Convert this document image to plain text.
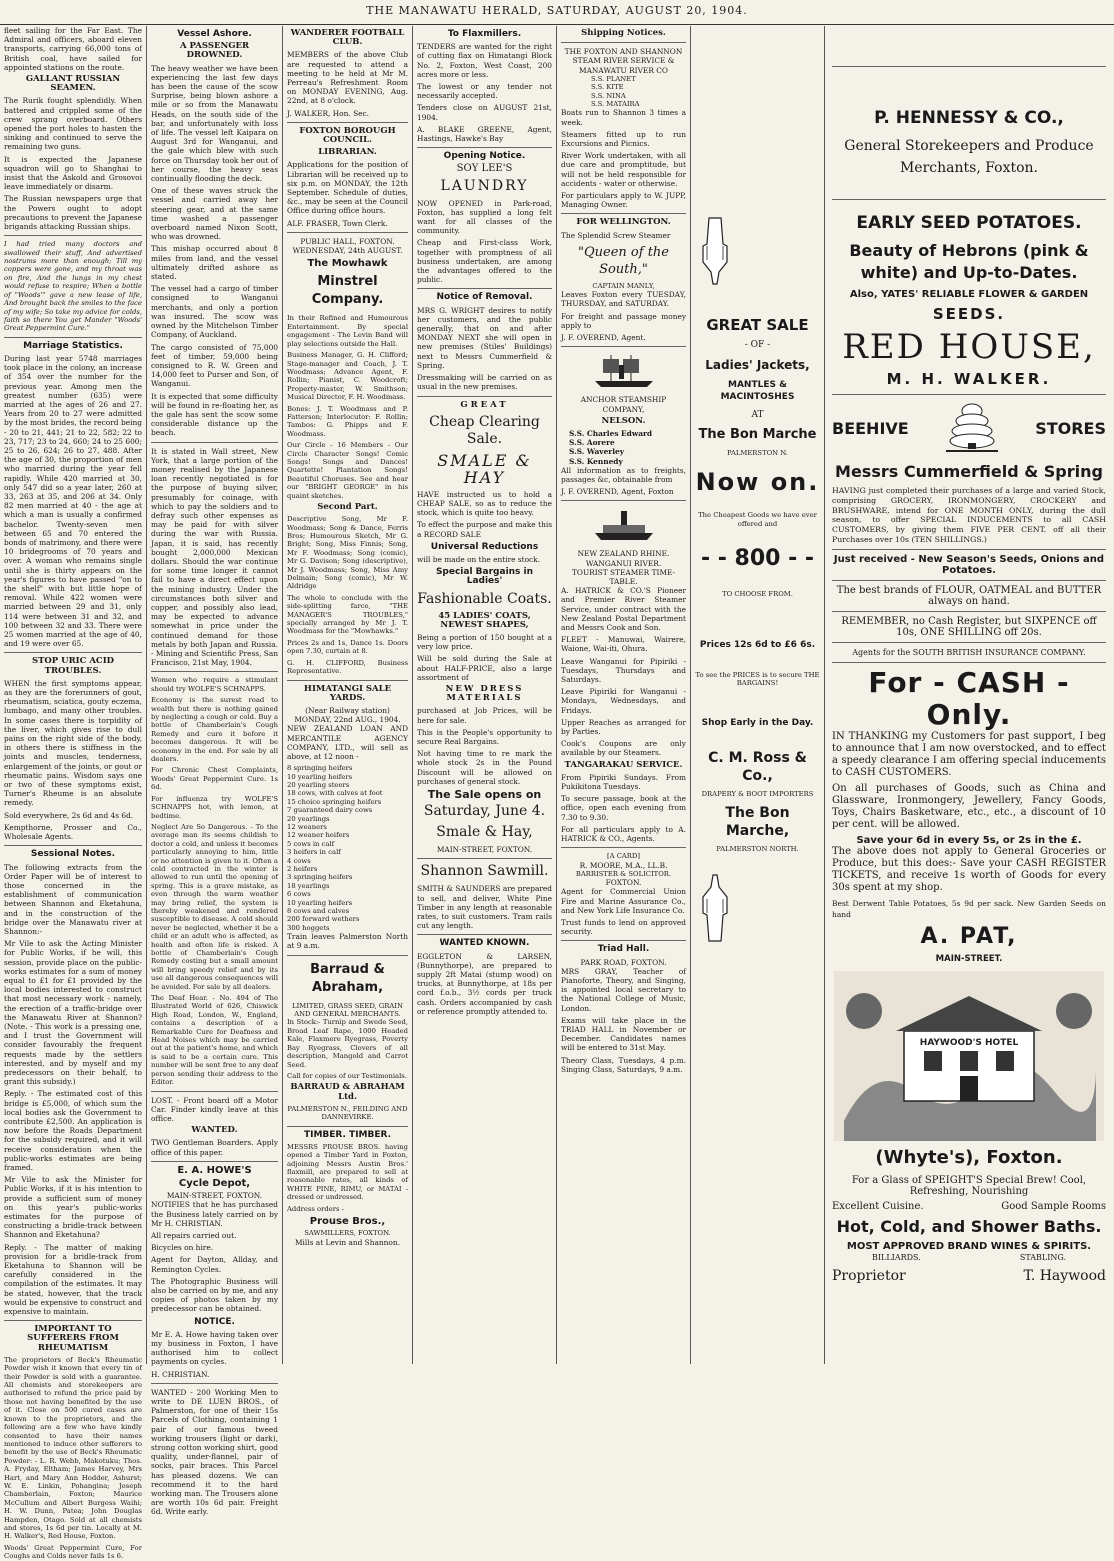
THE MANAWATU HERALD, SATURDAY, AUGUST 20, 1904.

fleet sailing for the Far East. The Admiral and officers, aboard eleven transports, carrying 66,000 tons of British coal, have sailed for appointed stations on the route.

GALLANT RUSSIAN SEAMEN.

The Rurik fought splendidly. When battered and crippled some of the crew sprang overboard. Others opened the port holes to hasten the sinking and continued to serve the remaining two guns.

It is expected the Japanese squadron will go to Shanghai to insist that the Askold and Grosovoi leave immediately or disarm.

The Russian newspapers urge that the Powers ought to adopt precautions to prevent the Japanese brigands attacking Russian ships.

I had tried many doctors and swallowed their stuff, And advertised nostrums more than enough; Till my coppers were gone, and my throat was on fire, And the lungs in my chest would refuse to respire; When a bottle of "Woods'" gave a new lease of life, And brought back the smiles to the face of my wife; So take my advice for colds, faith so there You get Mander "Woods' Great Peppermint Cure."

Marriage Statistics.

During last year 5748 marriages took place in the colony, an increase of 354 over the number for the previous year. Among men the greatest number (635) were married at the ages of 26 and 27. Years from 20 to 27 were admitted by the most brides, the record being - 20 to 21, 441; 21 to 22, 582; 22 to 23, 717; 23 to 24, 660; 24 to 25 600; 25 to 26, 624; 26 to 27, 488. After the age of 30, the proportion of men who married during the year fell rapidly. While 420 married at 30, only 547 did so a year later, 260 at 33, 263 at 35, and 206 at 34. Only 82 men married at 40 - the age at which a man is usually a confirmed bachelor. Twenty-seven men between 65 and 70 entered the bonds of matrimony, and there were 10 bridegrooms of 70 years and over. A woman who remains single until she is thirty appears on the year's figures to have passed "on to the shelf" with but little hope of removal. While 422 women were married between 29 and 31, only 114 were between 31 and 32, and 100 between 32 and 33. There were 25 women married at the age of 40, and 19 were over 65.

STOP URIC ACID TROUBLES.

WHEN the first symptoms appear, as they are the forerunners of gout, rheumatism, sciatica, gouty eczema, lumbago, and many other troubles. In some cases there is torpidity of the liver, which gives rise to dull pains on the right side of the body, in others there is stiffness in the joints and muscles, tenderness, enlargement of the joints, or gout or rheumatic pains. Wisdom says one or two of these symptoms exist, Turner's Rheume is an absolute remedy.

Sold everywhere, 2s 6d and 4s 6d.

Kempthorne, Prosser and Co., Wholesale Agents.

Sessional Notes.

The following extracts from the Order Paper will be of interest to those concerned in the establishment of communication between Shannon and Eketahuna, and in the construction of the bridge over the Manawatu river at Shannon:-

Mr Vile to ask the Acting Minister for Public Works, if he will, this session, provide place on the public-works estimates for a sum of money equal to £1 for £1 provided by the local bodies interested to construct that most necessary work - namely, the erection of a traffic-bridge over the Manawatu River at Shannon? (Note. - This work is a pressing one, and I trust the Government will consider favourably the frequent requests made by the settlers interested, and by myself and my predecessors on their behalf, to grant this subsidy.)

Reply. - The estimated cost of this bridge is £5,000, of which sum the local bodies ask the Government to contribute £2,500. An application is now before the Roads Department for the subsidy required, and it will receive consideration when the public-works estimates are being framed.

Mr Vile to ask the Minister for Public Works, if it is his intention to provide a sufficient sum of money on this year's public-works estimates for the purpose of constructing a bridle-track between Shannon and Eketahuna?

Reply. - The matter of making provision for a bridle-track from Eketahuna to Shannon will be carefully considered in the compilation of the estimates. It may be stated, however, that the track would be expensive to construct and expensive to maintain.

IMPORTANT TO SUFFERERS FROM RHEUMATISM

The proprietors of Beck's Rheumatic Powder wish it known that every tin of their Powder is sold with a guarantee. All chemists and storekeepers are authorised to refund the price paid by those not having benefited by the use of it. Close on 500 cured cases are known to the proprietors, and the following are a few who have kindly consented to have their names mentioned to induce other sufferers to benefit by the use of Beck's Rheumatic Powder: - L. R. Webb, Makotuku; Thos. A. Fryday, Eltham; James Harvey, Mrs Hart, and Mary Ann Hodder, Ashurst; W. E. Linkin, Pohangina; Joseph Chamberlain, Foxton; Maurice McCullum and Albert Burgess Waihi; H. W. Dunn, Patea; John Douglas Hampden, Otago. Sold at all chemists and stores, 1s 6d per tin. Locally at M. H. Walker's, Red House, Foxton.

Woods' Great Peppermint Cure, For Coughs and Colds never fails 1s 6.

Vessel Ashore.
A PASSENGER DROWNED.

The heavy weather we have been experiencing the last few days has been the cause of the scow Surprise, being blown ashore a mile or so from the Manawatu Heads, on the south side of the bar, and unfortunately with loss of life. The vessel left Kaipara on August 3rd for Wanganui, and the gale which blew with such force on Thursday took her out of her course, the heavy seas continually flooding the deck.

One of these waves struck the vessel and carried away her steering gear, and at the same time washed a passenger overboard named Nixon Scott, who was drowned.

This mishap occurred about 8 miles from land, and the vessel ultimately drifted ashore as stated.

The vessel had a cargo of timber consigned to Wanganui merchants, and only a portion was insured. The scow was owned by the Mitchelson Timber Company, of Auckland.

The cargo consisted of 75,000 feet of timber, 59,000 being consigned to R. W. Green and 14,000 feet to Purser and Son, of Wanganui.

It is expected that some difficulty will be found in re-floating her, as the gale has sent the scow some considerable distance up the beach.

It is stated in Wall street, New York, that a large portion of the money realised by the Japanese loan recently negotiated is for the purpose of buying silver, presumably for coinage, with which to pay the soldiers and to defray such other expenses as may be paid for with silver during the war with Russia. Japan, it is said, has recently bought 2,000,000 Mexican dollars. Should the war continue for some time longer it cannot fail to have a direct effect upon the mining industry. Under the circumstances both silver and copper, and possibly also lead, may be expected to advance somewhat in price under the continued demand for those metals by both Japan and Russia. - Mining and Scientific Press, San Francisco, 21st May, 1904.

Women who require a stimulant should try WOLFE'S SCHNAPPS.

Economy is the surest road to wealth but there is nothing gained by neglecting a cough or cold. Buy a bottle of Chamberlain's Cough Remedy and cure it before it becomes dangerous. It will be economy in the end. For sale by all dealers.

For Chronic Chest Complaints, Woods' Great Peppermint Cure. 1s 6d.

For influenza try WOLFE'S SCHNAPPS hot, with lemon, at bedtime.

Neglect Are So Dangerous. - To the average man its seems childish to doctor a cold, and unless it becomes particularly annoying to him, little or no attention is given to it. Often a cold contracted in the winter is allowed to run until the opening of spring. This is a grave mistake, as even through the warm weather may bring relief, the system is thereby weakened and rendered susceptible to disease. A cold should never be neglected, whether it be a child or an adult who is affected, as health and often life is risked. A bottle of Chamberlain's Cough Remedy costing but a small amount will bring speedy relief and by its use all dangerous consequences will be avoided. For sale by all dealers.

The Deaf Hear. - No. 494 of The Illustrated World of 626, Chiswick High Road, London, W., England, contains a description of a Remarkable Cure for Deafness and Head Noises which may be carried out at the patient's home, and which is said to be a certain cure. This number will be sent free to any deaf person sending their address to the Editor.

LOST. - Front board off a Motor Car. Finder kindly leave at this office.

WANTED.

TWO Gentleman Boarders. Apply office of this paper.

E. A. HOWE'S
Cycle Depot,
MAIN-STREET, FOXTON.

NOTIFIES that he has purchased the Business lately carried on by Mr H. CHRISTIAN.

All repairs carried out.

Bicycles on hire.

Agent for Dayton, Allday, and Remington Cycles.

The Photographic Business will also be carried on by me, and any copies of photos taken by my predecessor can be obtained.

NOTICE.

Mr E. A. Howe having taken over my business in Foxton, I have authorised him to collect payments on cycles.

H. CHRISTIAN.

WANTED - 200 Working Men to write to DE LUEN BROS., of Palmerston, for one of their 15s Parcels of Clothing, containing 1 pair of our famous tweed working trousers (light or dark), strong cotton working shirt, good quality, under-flannel, pair of socks, pair braces. This Parcel has pleased dozens. We can recommend it to the hard working man. The Trousers alone are worth 10s 6d pair. Freight 6d. Write early.

WANDERER FOOTBALL CLUB.

MEMBERS of the above Club are requested to attend a meeting to be held at Mr M. Perreau's Refreshment Room on MONDAY EVENING, Aug. 22nd, at 8 o'clock.

J. WALKER, Hon. Sec.

FOXTON BOROUGH COUNCIL.
LIBRARIAN.

Applications for the position of Librarian will be received up to six p.m. on MONDAY, the 12th September. Schedule of duties, &c., may be seen at the Council Office during office hours.

ALF. FRASER, Town Clerk.

PUBLIC HALL, FOXTON. WEDNESDAY, 24th AUGUST.
The Mowhawk
Minstrel Company.

In their Refined and Humourous Entertainment. By special engagement - The Levin Band will play selections outside the Hall.

Business Manager, G. H. Clifford; Stage-manager and Coach, J. T. Woodmass; Advance Agent, F. Rollin; Pianist, C. Woodcroft; Property-master, W. Smithson; Musical Director, F. H. Woodmass.

Bones: J. T. Woodmass and P. Fatterson; Interlocutor: F. Rollin; Tambos: G. Phipps and F. Woodmass.

Our Circle - 16 Members - Our Circle Character Songs! Comic Songs! Songs and Dances! Quartette! Plantation Songs! Beautiful Choruses. See and hear our "BRIGHT GEORGE" in his quaint sketches.

Second Part.

Descriptive Song, Mr F. Woodmass; Song & Dance, Ferris Bros; Humourous Sketch, Mr G. Bright; Song, Miss Finnis; Song, Mr F. Woodmass; Song (comic), Mr G. Davison; Song (descriptive), Mr J. Woodmass; Song, Miss Amy Delmain; Song (comic), Mr W. Aldridge

The whole to conclude with the side-splitting farce, "THE MANAGER'S TROUBLES," specially arranged by Mr J. T. Woodmass for the "Mowhawks."

Prices 2s and 1s, Dance 1s. Doors open 7.30, curtain at 8.

G. H. CLIFFORD, Business Representative.

HIMATANGI SALE YARDS.
(Near Railway station)
MONDAY, 22nd AUG., 1904.

NEW ZEALAND LOAN AND MERCANTILE AGENCY COMPANY, LTD., will sell as above, at 12 noon -

8 springing heifers
10 yearling heifers
20 yearling steers
18 cows, with calves at foot
15 choice springing heifers
7 guaranteed dairy cows
20 yearlings
12 weaners
12 weaner heifers
5 cows in calf
3 heifers in calf
4 cows
2 heifers
3 springing heifers
18 yearlings
6 cows
10 yearling heifers
8 cows and calves
200 forward wethers
300 hoggets

Train leaves Palmerston North at 9 a.m.

Barraud & Abraham,
LIMITED, GRASS SEED, GRAIN AND GENERAL MERCHANTS.

In Stock:- Turnip and Swede Seed, Broad Leaf Rape, 1000 Headed Kale, Flaxmere Ryegrass, Poverty Bay Ryegrass, Clovers of all description, Mangold and Carrot Seed.

Call for copies of our Testimonials.

BARRAUD & ABRAHAM Ltd.
PALMERSTON N., FEILDING AND DANNEVIRKE.
TIMBER. TIMBER.

MESSRS PROUSE BROS. having opened a Timber Yard in Foxton, adjoining Messrs Austin Bros.' flaxmill, are prepared to sell at reasonable rates, all kinds of WHITE PINE, RIMU, or MATAI - dressed or undressed.

Address orders -

Prouse Bros.,
SAWMILLERS, FOXTON.
Mills at Levin and Shannon.
To Flaxmillers.

TENDERS are wanted for the right of cutting flax on Himatangi Block No. 2, Foxton, West Coast, 200 acres more or less.

The lowest or any tender not necessarily accepted.

Tenders close on AUGUST 21st, 1904.

A. BLAKE GREENE, Agent, Hastings, Hawke's Bay

Opening Notice.
SOY LEE'S
LAUNDRY

NOW OPENED in Park-road, Foxton, has supplied a long felt want for all classes of the community.

Cheap and First-class Work, together with promptness of all business undertaken, are among the advantages offered to the public.

Notice of Removal.

MRS G. WRIGHT desires to notify her customers, and the public generally, that on and after MONDAY NEXT she will open in new premises (Stiles' Buildings) next to Messrs Cummerfield & Spring.

Dressmaking will be carried on as usual in the new premises.

GREAT
Cheap Clearing Sale.
SMALE & HAY

HAVE instructed us to hold a CHEAP SALE, so as to reduce the stock, which is quite too heavy.

To effect the purpose and make this a RECORD SALE

Universal Reductions

will be made on the entire stock.

Special Bargains in Ladies'
Fashionable Coats.
45 LADIES' COATS, NEWEST SHAPES,

Being a portion of 150 bought at a very low price.

Will be sold during the Sale at about HALF-PRICE, also a large assortment of

NEW DRESS MATERIALS

purchased at Job Prices, will be here for sale.

This is the People's opportunity to secure Real Bargains.

Not having time to re mark the whole stock 2s in the Pound Discount will be allowed on purchases of general stock.

The Sale opens on
Saturday, June 4.
Smale & Hay,
MAIN-STREET, FOXTON.
Shannon Sawmill.

SMITH & SAUNDERS are prepared to sell, and deliver, White Pine Timber in any length at reasonable rates, to suit customers. Tram rails cut any length.

WANTED KNOWN.

EGGLETON & LARSEN, (Bunnythorpe), are prepared to supply 2ft Matai (stump wood) on trucks, at Bunnythorpe, at 18s per cord f.o.b., 3½ cords per truck cash. Orders accompanied by cash or reference promptly attended to.

Shipping Notices.
THE FOXTON AND SHANNON STEAM RIVER SERVICE & MANAWATU RIVER CO
S.S. PLANET
S.S. KITE
S.S. NINA
S.S. MATAIRA

Boats run to Shannon 3 times a week.

Steamers fitted up to run Excursions and Picnics.

River Work undertaken, with all due care and promptitude, but will not be held responsible for accidents - water or otherwise.

For particulars apply to W. JUPP, Managing Owner.

FOR WELLINGTON.

The Splendid Screw Steamer

"Queen of the South,"
CAPTAIN MANLY,

Leaves Foxton every TUESDAY, THURSDAY, and SATURDAY.

For freight and passage money apply to

J. F. OVEREND, Agent.

ANCHOR STEAMSHIP COMPANY,
NELSON.
S.S. Charles Edward
S.S. Aorere
S.S. Waverley
S.S. Kennedy

All information as to freights, passages &c, obtainable from

J. F. OVEREND, Agent, Foxton

NEW ZEALAND RHINE.
WANGANUI RIVER.
TOURIST STEAMER TIME-TABLE.

A. HATRICK & CO.'S Pioneer and Premier River Steamer Service, under contract with the New Zealand Postal Department and Messrs Cook and Son.

FLEET - Manuwai, Wairere, Waione, Wai-iti, Ohura.

Leave Wanganui for Pipiriki - Tuesdays, Thursdays and Saturdays.

Leave Pipiriki for Wanganui - Mondays, Wednesdays, and Fridays.

Upper Reaches as arranged for by Parties.

Cook's Coupons are only available by our Steamers.

TANGARAKAU SERVICE.

From Pipiriki Sundays. From Pukikitona Tuesdays.

To secure passage, book at the office, open each evening from 7.30 to 9.30.

For all particulars apply to A. HATRICK & CO., Agents.

[A CARD]
R. MOORE, M.A., LL.B.
BARRISTER & SOLICITOR.
FOXTON.

Agent for Commercial Union Fire and Marine Assurance Co., and New York Life Insurance Co.

Trust funds to lend on approved security.

Triad Hall.
PARK ROAD, FOXTON.

MRS GRAY, Teacher of Pianoforte, Theory, and Singing, is appointed local secretary to the National College of Music, London.

Exams will take place in the TRIAD HALL in November or December. Candidates names will be entered to 31st May.

Theory Class, Tuesdays, 4 p.m. Singing Class, Saturdays, 9 a.m.

GREAT SALE
- OF -
Ladies' Jackets,
MANTLES & MACINTOSHES
AT
The Bon Marche
PALMERSTON N.
Now on.
The Cheapest Goods we have ever offered and
- - 800 - -
TO CHOOSE FROM.
Prices 12s 6d to £6 6s.
To see the PRICES is to secure THE BARGAINS!
Shop Early in the Day.
C. M. Ross & Co.,
DRAPERY & BOOT IMPORTERS
The Bon Marche,
PALMERSTON NORTH.
P. HENNESSY & CO.,
General Storekeepers and Produce Merchants, Foxton.
EARLY SEED POTATOES.
Beauty of Hebrons (pink & white) and Up-to-Dates.
Also, YATES' RELIABLE FLOWER & GARDEN
SEEDS.
RED HOUSE,
M. H. WALKER.
BEEHIVE	STORES
Messrs Cummerfield & Spring

HAVING just completed their purchases of a large and varied Stock, comprising GROCERY, IRONMONGERY, CROCKERY and BRUSHWARE, intend for ONE MONTH ONLY, during the dull season, to offer SPECIAL INDUCEMENTS to all CASH CUSTOMERS, by giving them FIVE PER CENT. off all their Purchases over 10s (TEN SHILLINGS.)

Just received - New Season's Seeds, Onions and Potatoes.
The best brands of FLOUR, OATMEAL and BUTTER always on hand.
REMEMBER, no Cash Register, but SIXPENCE off 10s, ONE SHILLING off 20s.
Agents for the SOUTH BRITISH INSURANCE COMPANY.
For - CASH - Only.

IN THANKING my Customers for past support, I beg to announce that I am now overstocked, and to effect a speedy clearance I am offering special inducements to CASH CUSTOMERS.

On all purchases of Goods, such as China and Glassware, Ironmongery, Jewellery, Fancy Goods, Toys, Chairs Basketware, etc., etc., a discount of 10 per cent. will be allowed.

Save your 6d in every 5s, or 2s in the £.

The above does not apply to General Groceries or Produce, but this does:- Save your CASH REGISTER TICKETS, and receive 1s worth of Goods for every 30s spent at my shop.

Best Derwent Table Potatoes, 5s 9d per sack. New Garden Seeds on hand

A. PAT,
MAIN-STREET.
HAYWOOD'S HOTEL
(Whyte's), Foxton.
For a Glass of SPEIGHT'S Special Brew! Cool, Refreshing, Nourishing
Excellent Cuisine.	Good Sample Rooms
Hot, Cold, and Shower Baths.
MOST APPROVED BRAND WINES & SPIRITS.
BILLIARDS.	STABLING.
Proprietor	T. Haywood
